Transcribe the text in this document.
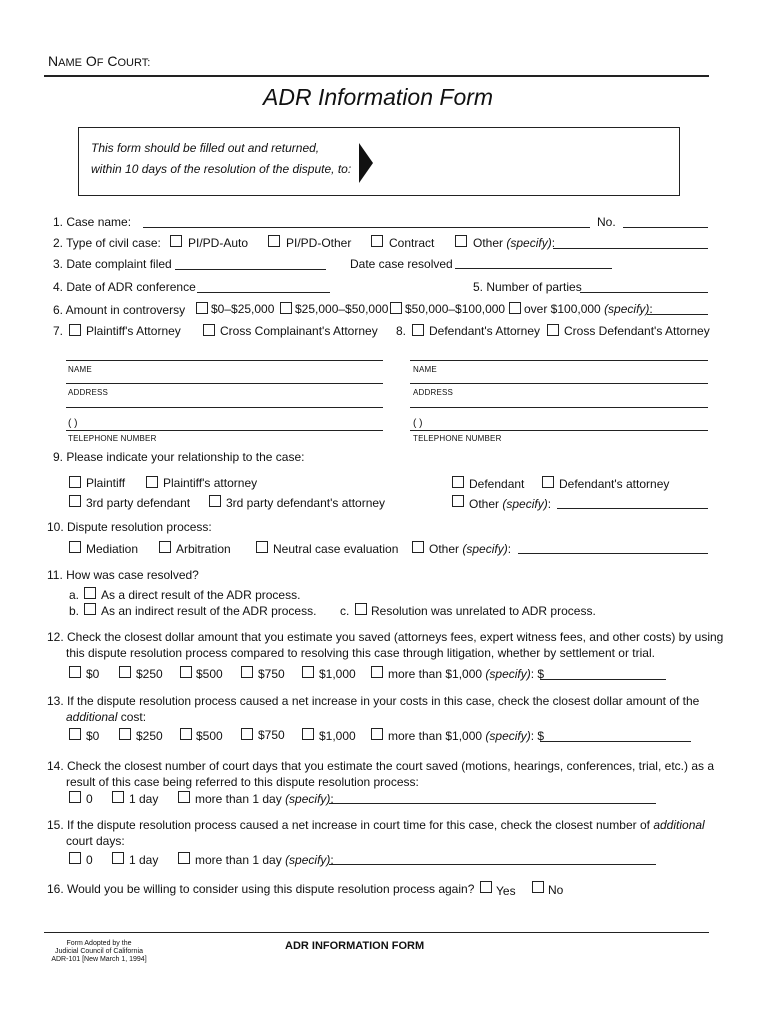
NAME OF COURT:
ADR Information Form
This form should be filled out and returned,
within 10 days of the resolution of the dispute, to:
1. Case name:	No.
2. Type of civil case: PI/PD-Auto	PI/PD-Other	Contract	Other (specify):
3. Date complaint filed	Date case resolved
4. Date of ADR conference	5. Number of parties
6. Amount in controversy $0–$25,000 $25,000–$50,000 $50,000–$100,000 over $100,000 (specify):
7. Plaintiff's Attorney	Cross Complainant's Attorney 8. Defendant's Attorney Cross Defendant's Attorney
NAME
ADDRESS
( )
TELEPHONE NUMBER
NAME
ADDRESS
( )
TELEPHONE NUMBER
9. Please indicate your relationship to the case:
Plaintiff	Plaintiff's attorney	Defendant	Defendant's attorney
3rd party defendant	3rd party defendant's attorney	Other (specify):
10. Dispute resolution process:
Mediation	Arbitration	Neutral case evaluation	Other (specify):
11. How was case resolved?
a. As a direct result of the ADR process.
b. As an indirect result of the ADR process. c. Resolution was unrelated to ADR process.
12. Check the closest dollar amount that you estimate you saved (attorneys fees, expert witness fees, and other costs) by using
this dispute resolution process compared to resolving this case through litigation, whether by settlement or trial.
$0	$250	$500	$750	$1,000	more than $1,000 (specify): $
13. If the dispute resolution process caused a net increase in your costs in this case, check the closest dollar amount of the
additional cost:
$0	$250	$500	$750	$1,000	more than $1,000 (specify): $
14. Check the closest number of court days that you estimate the court saved (motions, hearings, conferences, trial, etc.) as a
result of this case being referred to this dispute resolution process:
0	1 day	more than 1 day (specify):
15. If the dispute resolution process caused a net increase in court time for this case, check the closest number of additional
court days:
0	1 day	more than 1 day (specify):
16. Would you be willing to consider using this dispute resolution process again? Yes	No
Form Adopted by the
Judicial Council of California
ADR-101 [New March 1, 1994]
ADR INFORMATION FORM
